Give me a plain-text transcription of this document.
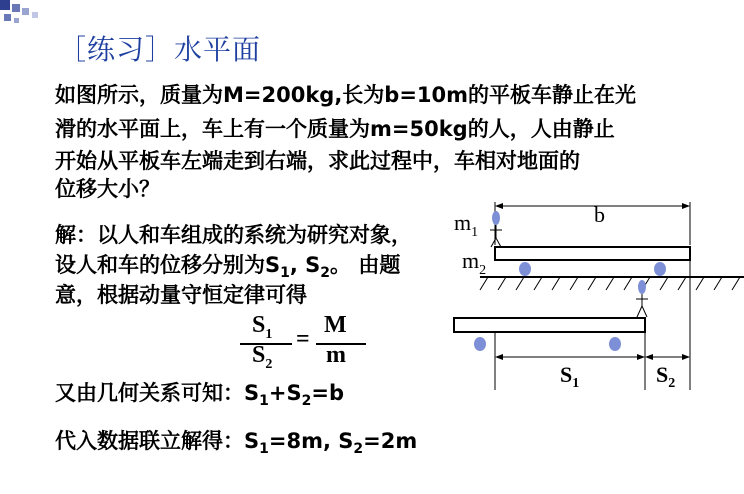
［练习］水平面
如图所示，质量为M=200kg,长为b=10m的平板车静止在光
滑的水平面上，车上有一个质量为m=50kg的人，人由静止
开始从平板车左端走到右端，求此过程中，车相对地面的
位移大小？
解：以人和车组成的系统为研究对象，
设人和车的位移分别为$S_1$, $S_2$。 由题
意，根据动量守恒定律可得
$S_1$
$S_2$
=
M
m
又由几何关系可知：$S_1+S_2=b$
代入数据联立解得：$S_1=8m$, $S_2=2m$
b
$m_1$
$m_2$
$S_1$	$S_2$
